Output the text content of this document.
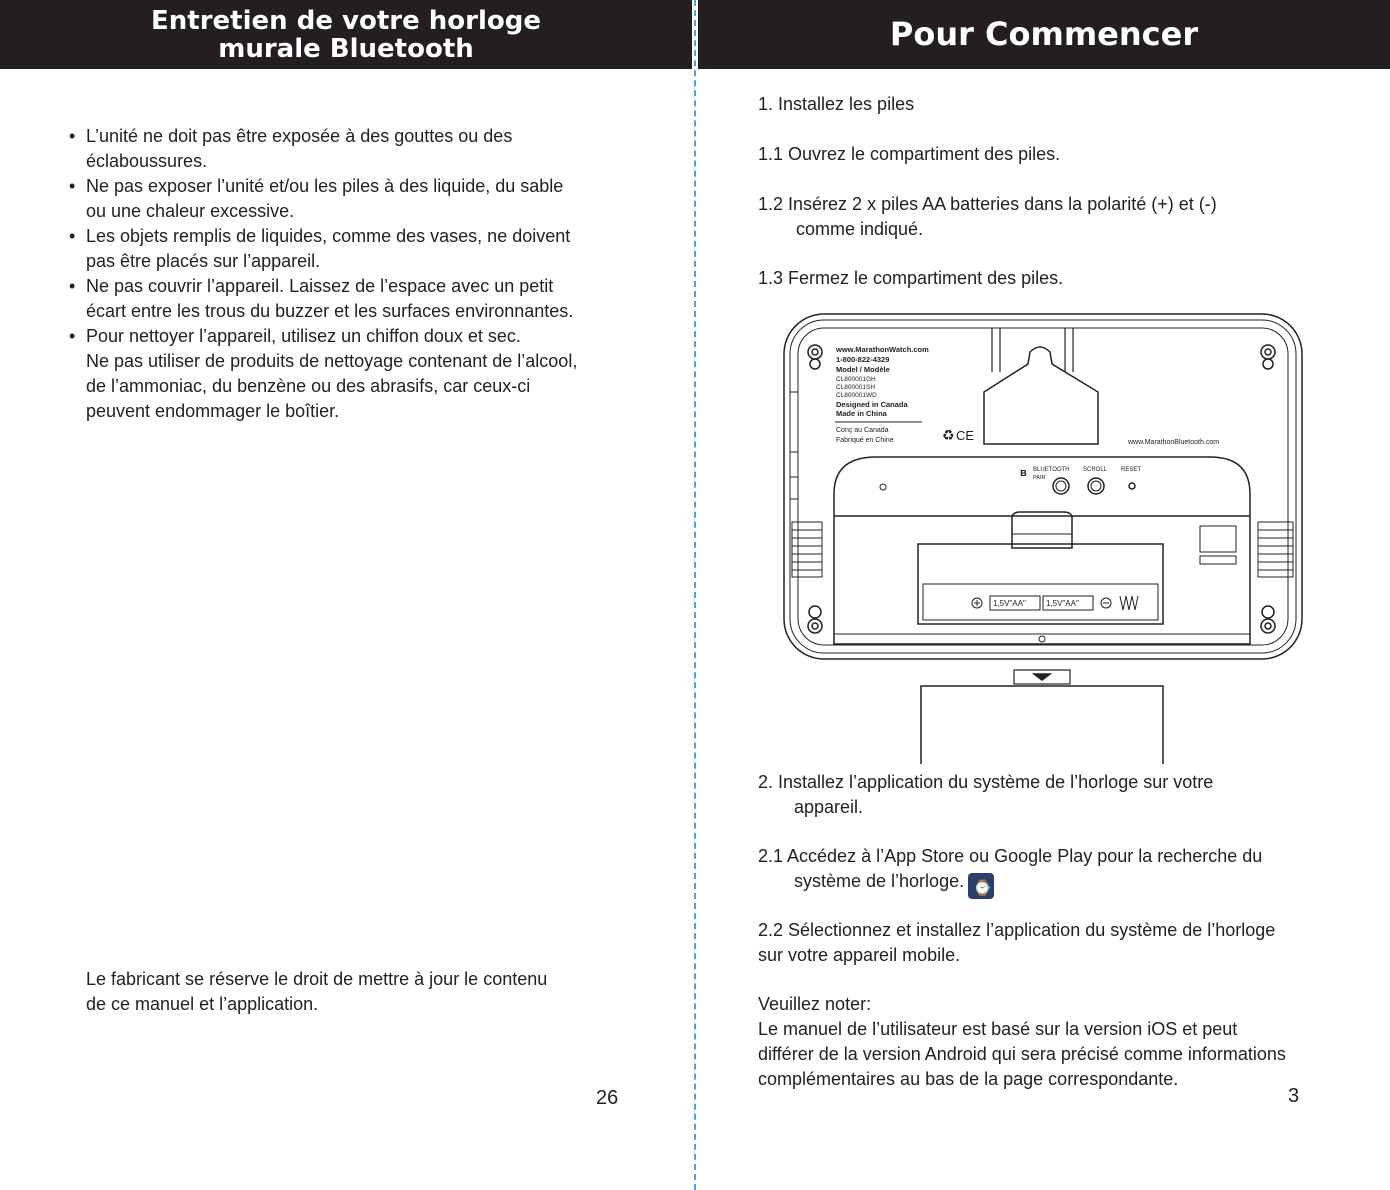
Entretien de votre horloge
murale Bluetooth	Pour Commencer
• L’unité ne doit pas être exposée à des gouttes ou des
éclaboussures.
• Ne pas exposer l’unité et/ou les piles à des liquide, du sable
ou une chaleur excessive.
• Les objets remplis de liquides, comme des vases, ne doivent
pas être placés sur l’appareil.
• Ne pas couvrir l’appareil. Laissez de l’espace avec un petit
écart entre les trous du buzzer et les surfaces environnantes.
• Pour nettoyer l’appareil, utilisez un chiffon doux et sec.
Ne pas utiliser de produits de nettoyage contenant de l’alcool,
de l’ammoniac, du benzène ou des abrasifs, car ceux-ci
peuvent endommager le boîtier.
Le fabricant se réserve le droit de mettre à jour le contenu
de ce manuel et l’application.
26
1. Installez les piles
1.1 Ouvrez le compartiment des piles.
1.2 Insérez 2 x piles AA batteries dans la polarité (+) et (-)
comme indiqué.
1.3 Fermez le compartiment des piles.
www.MarathonWatch.com
1-800-822-4329
Model / Modèle
CL800001GH
CL800001SH
CL800001WD
Designed in Canada
Made in China
Conç au Canada
Fabriqué en Chine	♻ CE	www.MarathonBluetooth.com
ʙ BLUETOOTH
PAIR
SCROLL RESET
1,5V"AA"	1,5V"AA"
2. Installez l’application du système de l’horloge sur votre
appareil.
2.1 Accédez à l’App Store ou Google Play pour la recherche du
système de l’horloge.⌚
2.2 Sélectionnez et installez l’application du système de l’horloge
sur votre appareil mobile.
Veuillez noter:
Le manuel de l’utilisateur est basé sur la version iOS et peut
différer de la version Android qui sera précisé comme informations
complémentaires au bas de la page correspondante.
3
